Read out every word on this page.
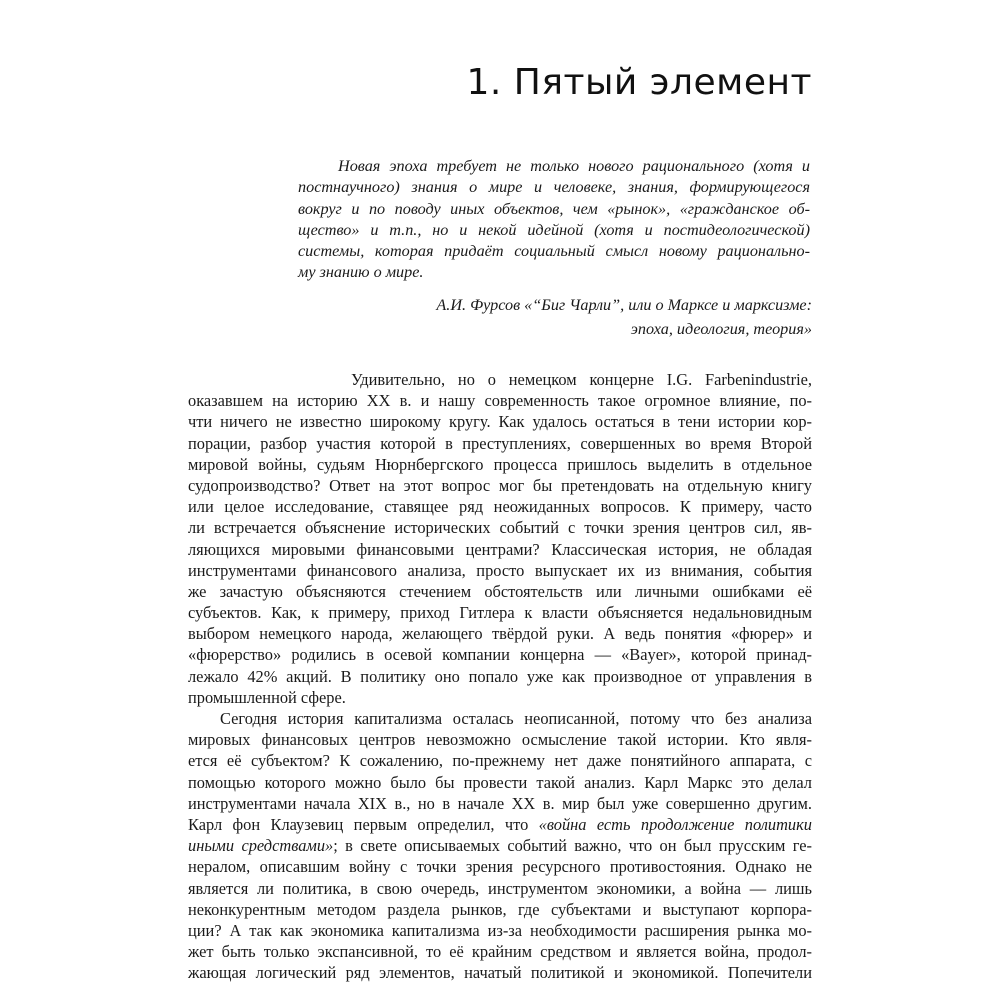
1. Пятый элемент
Новая эпоха требует не только нового рационального (хотя и
постнаучного) знания о мире и человеке, знания, формирующегося
вокруг и по поводу иных объектов, чем «рынок», «гражданское об-
щество» и т.п., но и некой идейной (хотя и постидеологической)
системы, которая придаёт социальный смысл новому рационально-
му знанию о мире.
А.И. Фурсов «“Биг Чарли”, или о Марксе и марксизме:
эпоха, идеология, теория»
Удивительно, но о немецком концерне I.G. Farbenindustrie,
оказавшем на историю XX в. и нашу современность такое огромное влияние, по-
чти ничего не известно широкому кругу. Как удалось остаться в тени истории кор-
порации, разбор участия которой в преступлениях, совершенных во время Второй
мировой войны, судьям Нюрнбергского процесса пришлось выделить в отдельное
судопроизводство? Ответ на этот вопрос мог бы претендовать на отдельную книгу
или целое исследование, ставящее ряд неожиданных вопросов. К примеру, часто
ли встречается объяснение исторических событий с точки зрения центров сил, яв-
ляющихся мировыми финансовыми центрами? Классическая история, не обладая
инструментами финансового анализа, просто выпускает их из внимания, события
же зачастую объясняются стечением обстоятельств или личными ошибками её
субъектов. Как, к примеру, приход Гитлера к власти объясняется недальновидным
выбором немецкого народа, желающего твёрдой руки. А ведь понятия «фюрер» и
«фюрерство» родились в осевой компании концерна — «Bayer», которой принад-
лежало 42% акций. В политику оно попало уже как производное от управления в
промышленной сфере.
Сегодня история капитализма осталась неописанной, потому что без анализа
мировых финансовых центров невозможно осмысление такой истории. Кто явля-
ется её субъектом? К сожалению, по-прежнему нет даже понятийного аппарата, с
помощью которого можно было бы провести такой анализ. Карл Маркс это делал
инструментами начала XIX в., но в начале XX в. мир был уже совершенно другим.
Карл фон Клаузевиц первым определил, что «война есть продолжение политики
иными средствами»; в свете описываемых событий важно, что он был прусским ге-
нералом, описавшим войну с точки зрения ресурсного противостояния. Однако не
является ли политика, в свою очередь, инструментом экономики, а война — лишь
неконкурентным методом раздела рынков, где субъектами и выступают корпора-
ции? А так как экономика капитализма из-за необходимости расширения рынка мо-
жет быть только экспансивной, то её крайним средством и является война, продол-
жающая логический ряд элементов, начатый политикой и экономикой. Попечители
